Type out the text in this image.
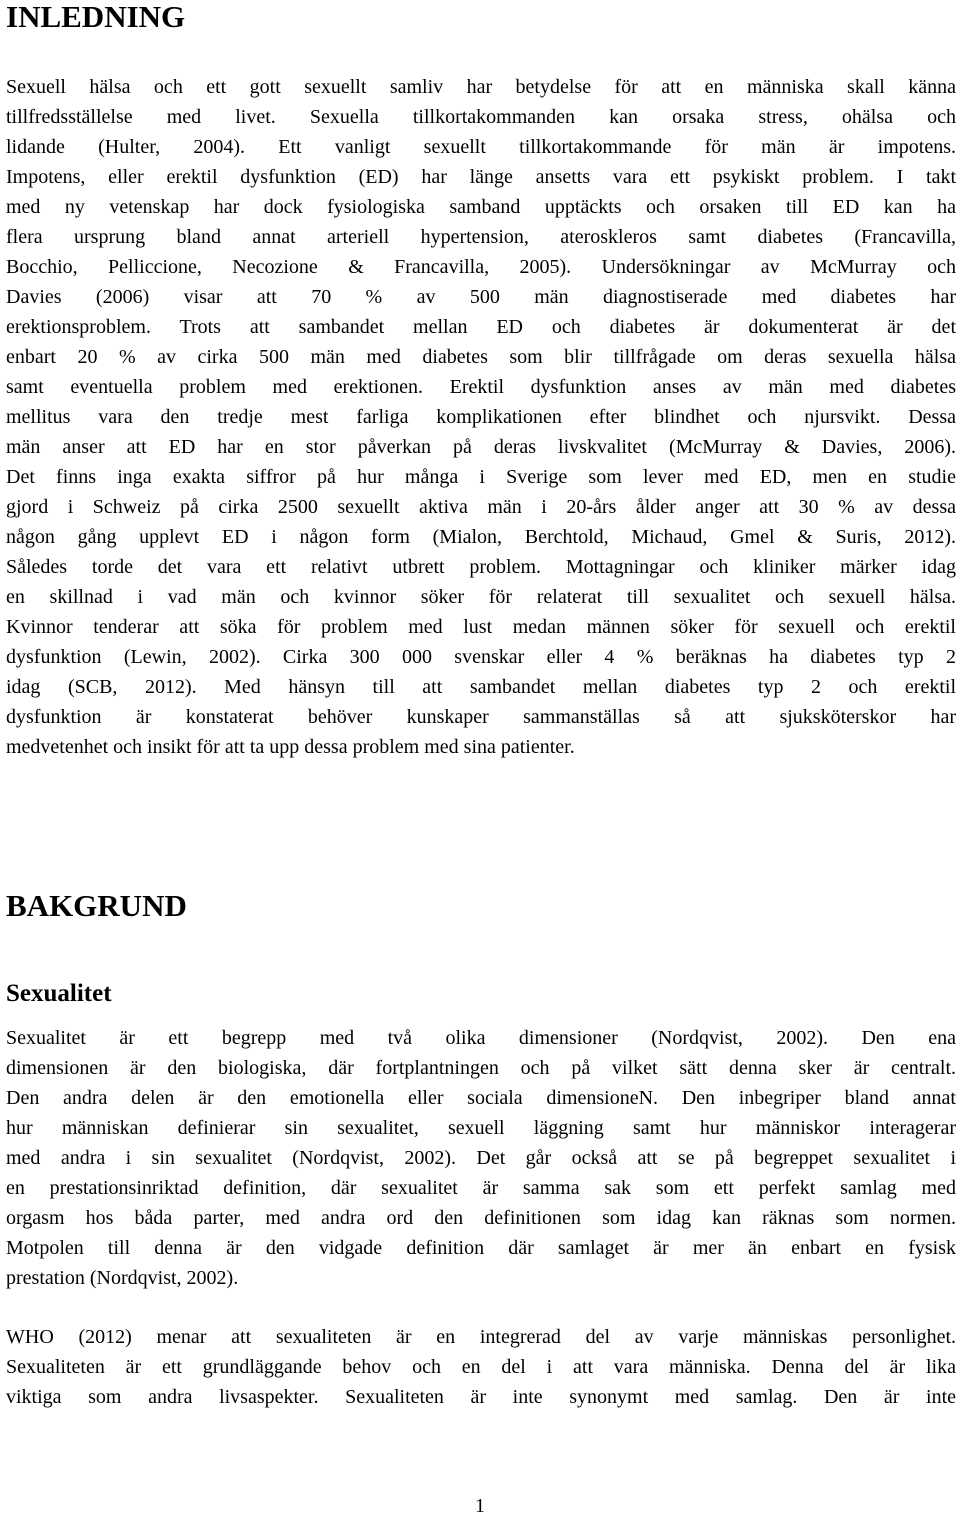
INLEDNING
Sexuell hälsa och ett gott sexuellt samliv har betydelse för att en människa skall känna
tillfredsställelse med livet. Sexuella tillkortakommanden kan orsaka stress, ohälsa och
lidande (Hulter, 2004). Ett vanligt sexuellt tillkortakommande för män är impotens.
Impotens, eller erektil dysfunktion (ED) har länge ansetts vara ett psykiskt problem. I takt
med ny vetenskap har dock fysiologiska samband upptäckts och orsaken till ED kan ha
flera ursprung bland annat arteriell hypertension, ateroskleros samt diabetes (Francavilla,
Bocchio, Pelliccione, Necozione & Francavilla, 2005). Undersökningar av McMurray och
Davies (2006) visar att 70 % av 500 män diagnostiserade med diabetes har
erektionsproblem. Trots att sambandet mellan ED och diabetes är dokumenterat är det
enbart 20 % av cirka 500 män med diabetes som blir tillfrågade om deras sexuella hälsa
samt eventuella problem med erektionen. Erektil dysfunktion anses av män med diabetes
mellitus vara den tredje mest farliga komplikationen efter blindhet och njursvikt. Dessa
män anser att ED har en stor påverkan på deras livskvalitet (McMurray & Davies, 2006).
Det finns inga exakta siffror på hur många i Sverige som lever med ED, men en studie
gjord i Schweiz på cirka 2500 sexuellt aktiva män i 20-års ålder anger att 30 % av dessa
någon gång upplevt ED i någon form (Mialon, Berchtold, Michaud, Gmel & Suris, 2012).
Således torde det vara ett relativt utbrett problem. Mottagningar och kliniker märker idag
en skillnad i vad män och kvinnor söker för relaterat till sexualitet och sexuell hälsa.
Kvinnor tenderar att söka för problem med lust medan männen söker för sexuell och erektil
dysfunktion (Lewin, 2002). Cirka 300 000 svenskar eller 4 % beräknas ha diabetes typ 2
idag (SCB, 2012). Med hänsyn till att sambandet mellan diabetes typ 2 och erektil
dysfunktion är konstaterat behöver kunskaper sammanställas så att sjuksköterskor har
medvetenhet och insikt för att ta upp dessa problem med sina patienter.
BAKGRUND
Sexualitet
Sexualitet är ett begrepp med två olika dimensioner (Nordqvist, 2002). Den ena
dimensionen är den biologiska, där fortplantningen och på vilket sätt denna sker är centralt.
Den andra delen är den emotionella eller sociala dimensioneN. Den inbegriper bland annat
hur människan definierar sin sexualitet, sexuell läggning samt hur människor interagerar
med andra i sin sexualitet (Nordqvist, 2002). Det går också att se på begreppet sexualitet i
en prestationsinriktad definition, där sexualitet är samma sak som ett perfekt samlag med
orgasm hos båda parter, med andra ord den definitionen som idag kan räknas som normen.
Motpolen till denna är den vidgade definition där samlaget är mer än enbart en fysisk
prestation (Nordqvist, 2002).
WHO (2012) menar att sexualiteten är en integrerad del av varje människas personlighet.
Sexualiteten är ett grundläggande behov och en del i att vara människa. Denna del är lika
viktiga som andra livsaspekter. Sexualiteten är inte synonymt med samlag. Den är inte
1
